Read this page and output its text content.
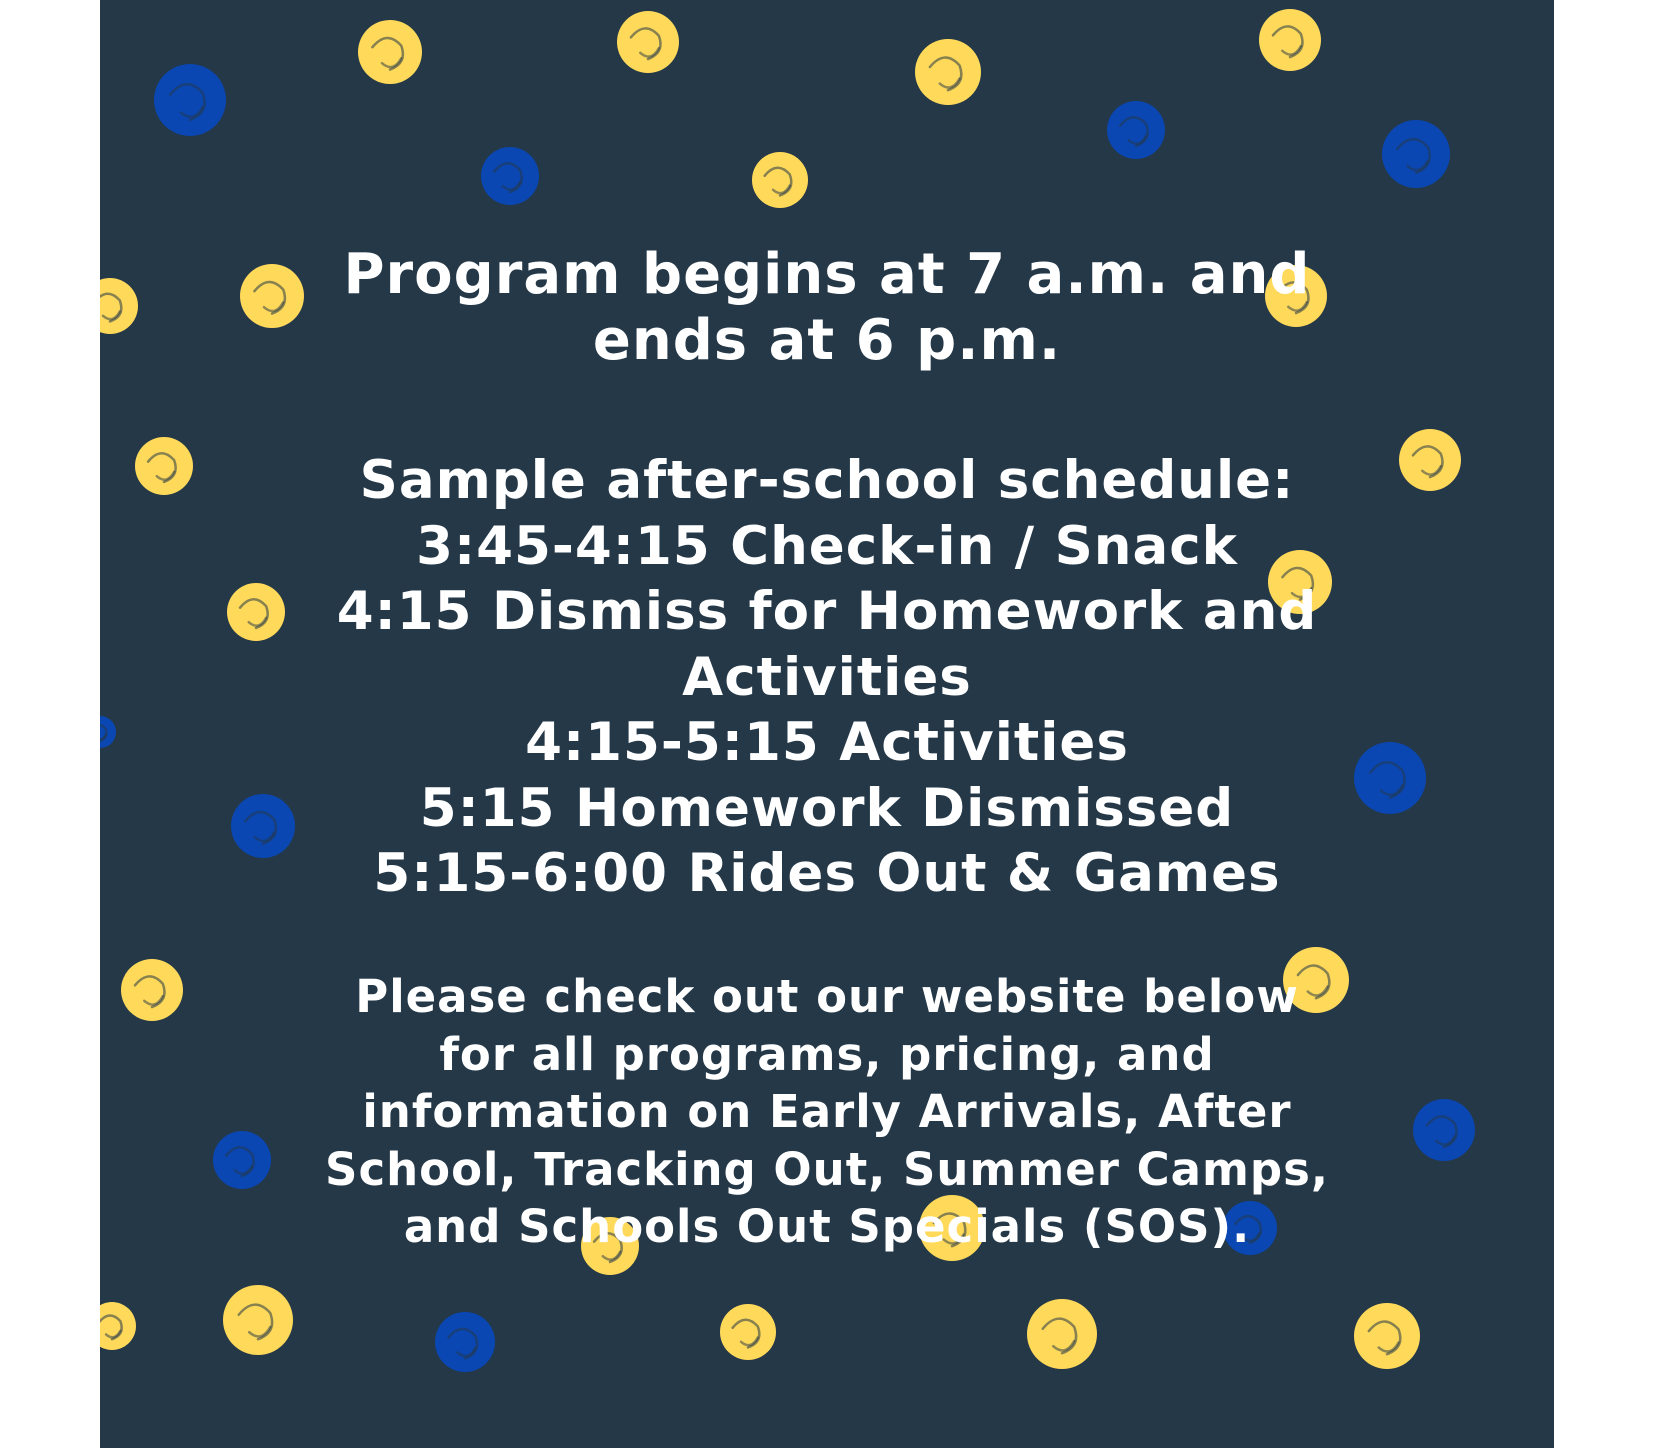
Program begins at 7 a.m. and
ends at 6 p.m.
Sample after-school schedule:
3:45-4:15 Check-in / Snack
4:15 Dismiss for Homework and
Activities
4:15-5:15 Activities
5:15 Homework Dismissed
5:15-6:00 Rides Out & Games
Please check out our website below
for all programs, pricing, and
information on Early Arrivals, After
School, Tracking Out, Summer Camps,
and Schools Out Specials (SOS).
